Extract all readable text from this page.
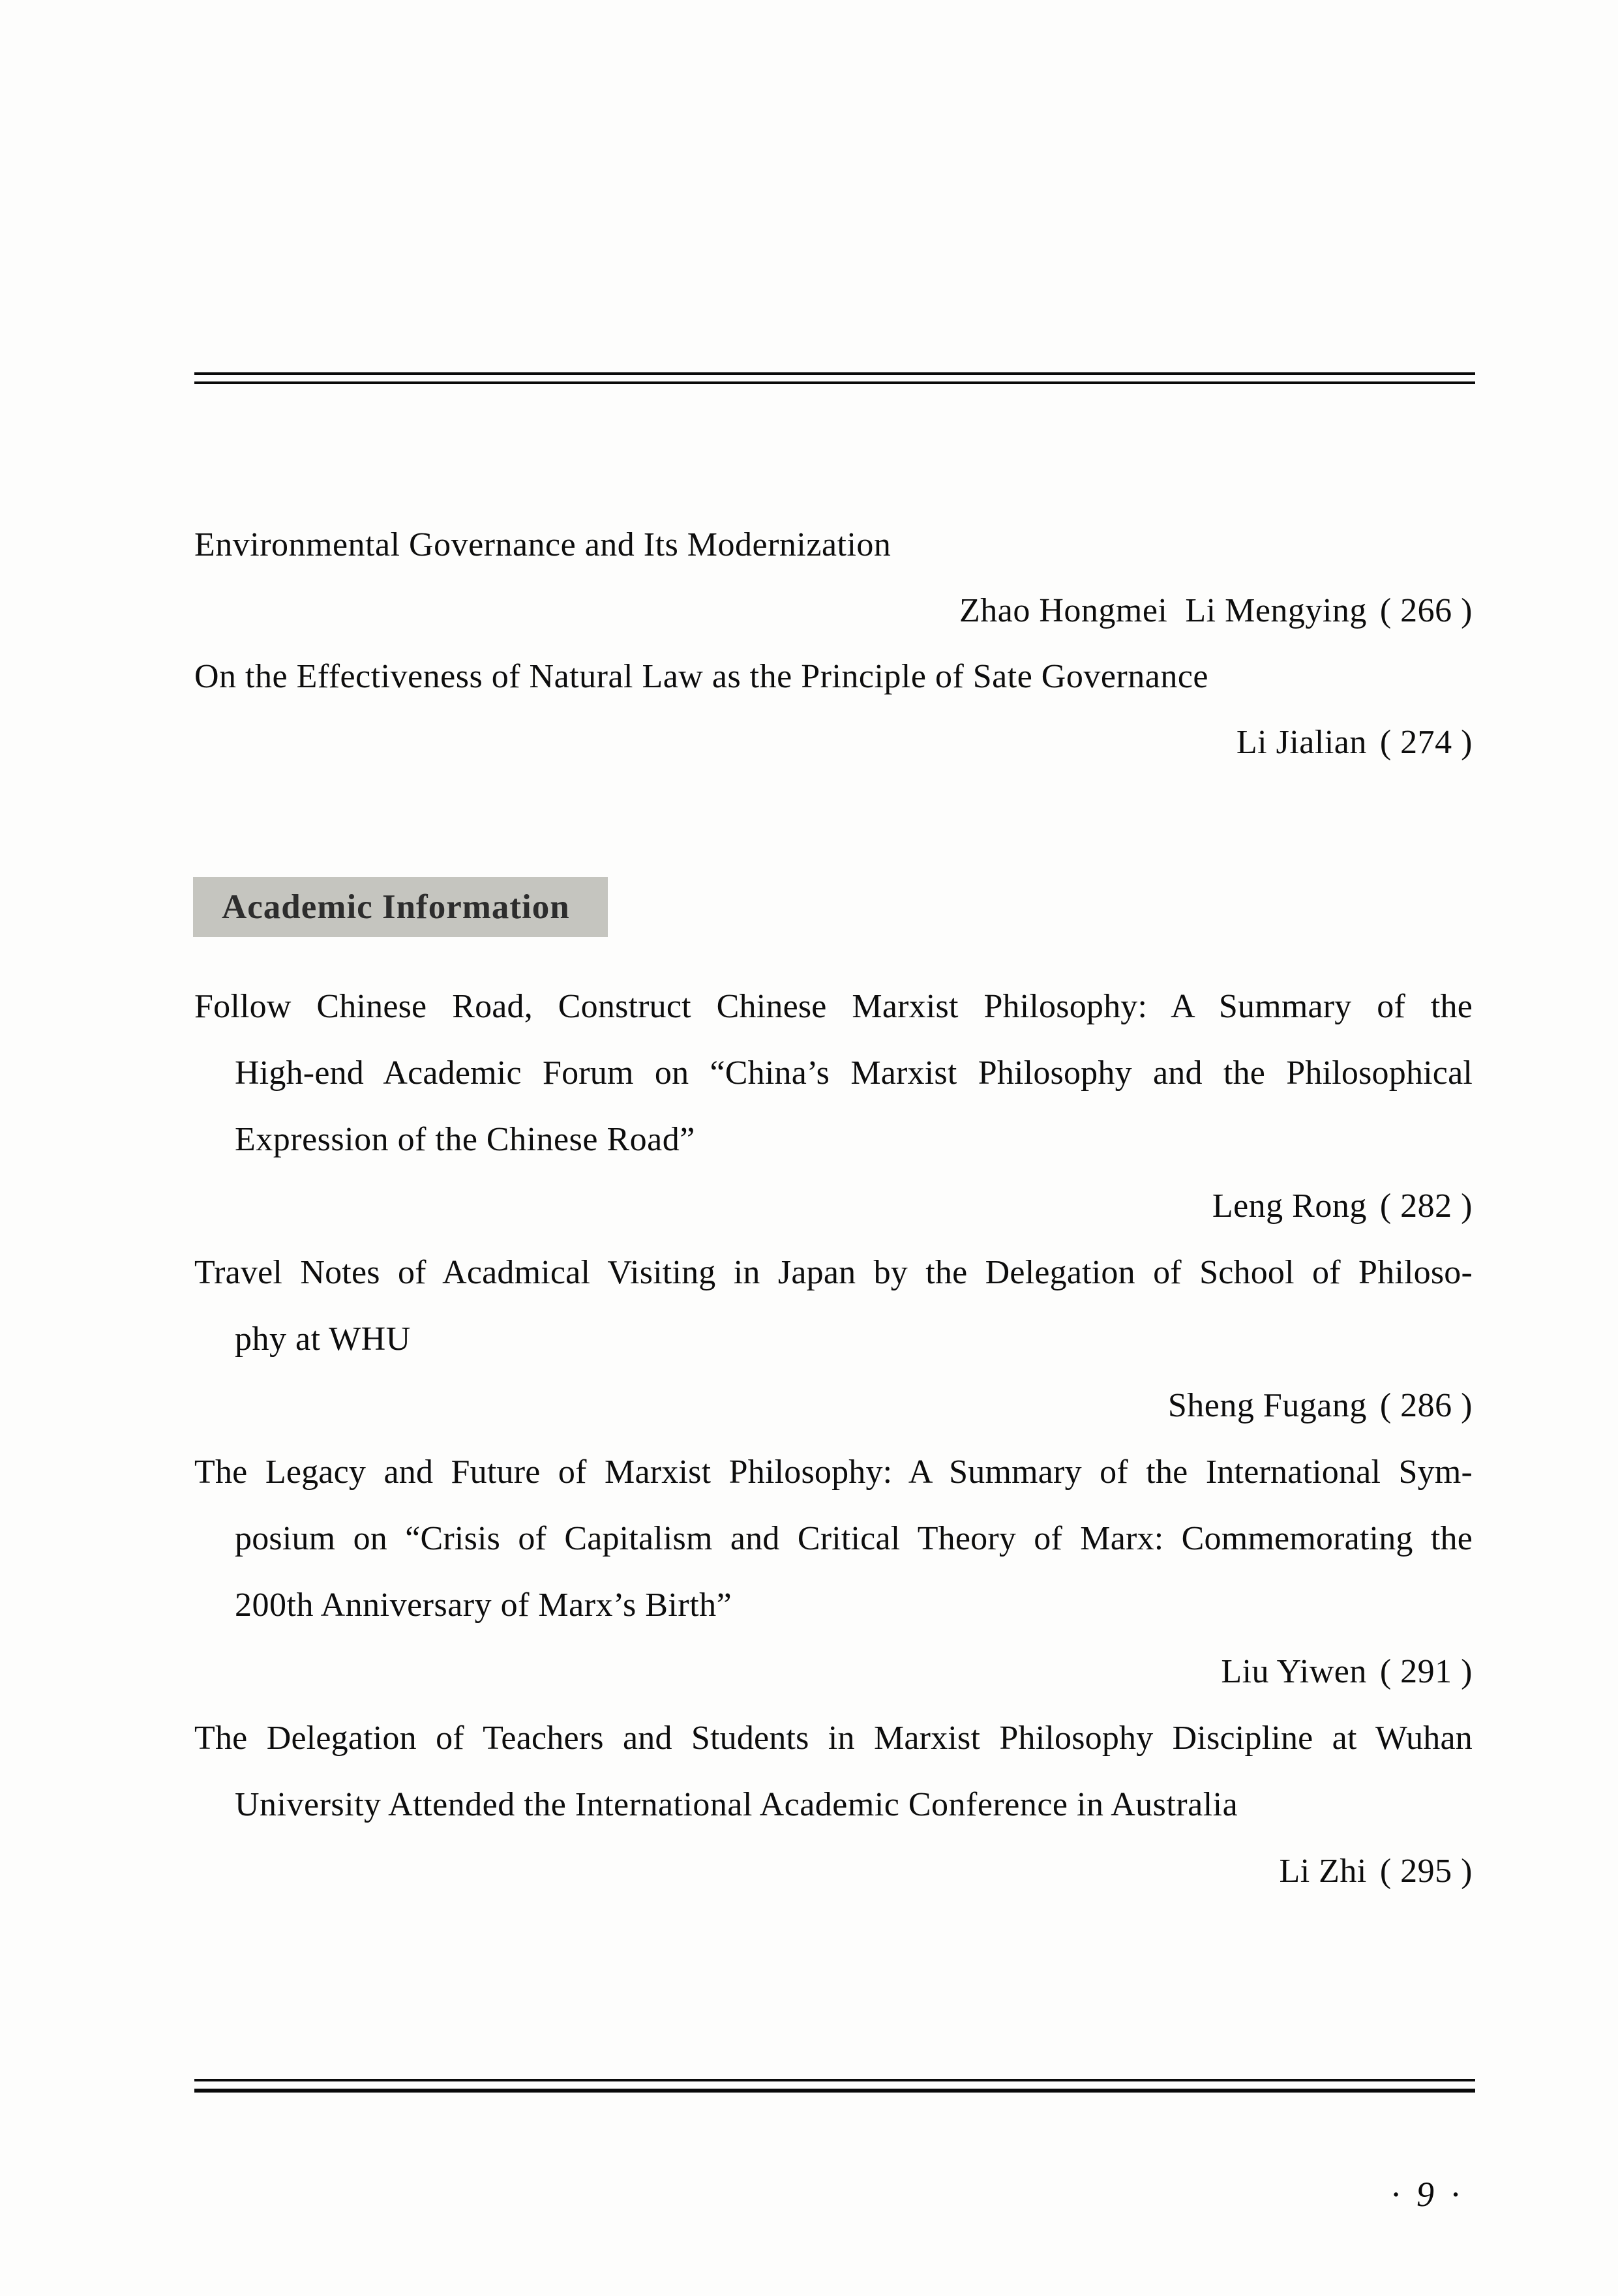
Environmental Governance and Its Modernization
Zhao Hongmei  Li Mengying ( 266 )
On the Effectiveness of Natural Law as the Principle of Sate Governance
Li Jialian ( 274 )
Academic Information
Follow Chinese Road, Construct Chinese Marxist Philosophy: A Summary of the
High-end Academic Forum on “China’s Marxist Philosophy and the Philosophical
Expression of the Chinese Road”
Leng Rong ( 282 )
Travel Notes of Acadmical Visiting in Japan by the Delegation of School of Philoso-
phy at WHU
Sheng Fugang ( 286 )
The Legacy and Future of Marxist Philosophy: A Summary of the International Sym-
posium on “Crisis of Capitalism and Critical Theory of Marx: Commemorating the
200th Anniversary of Marx’s Birth”
Liu Yiwen ( 291 )
The Delegation of Teachers and Students in Marxist Philosophy Discipline at Wuhan
University Attended the International Academic Conference in Australia
Li Zhi ( 295 )
· 9 ·
